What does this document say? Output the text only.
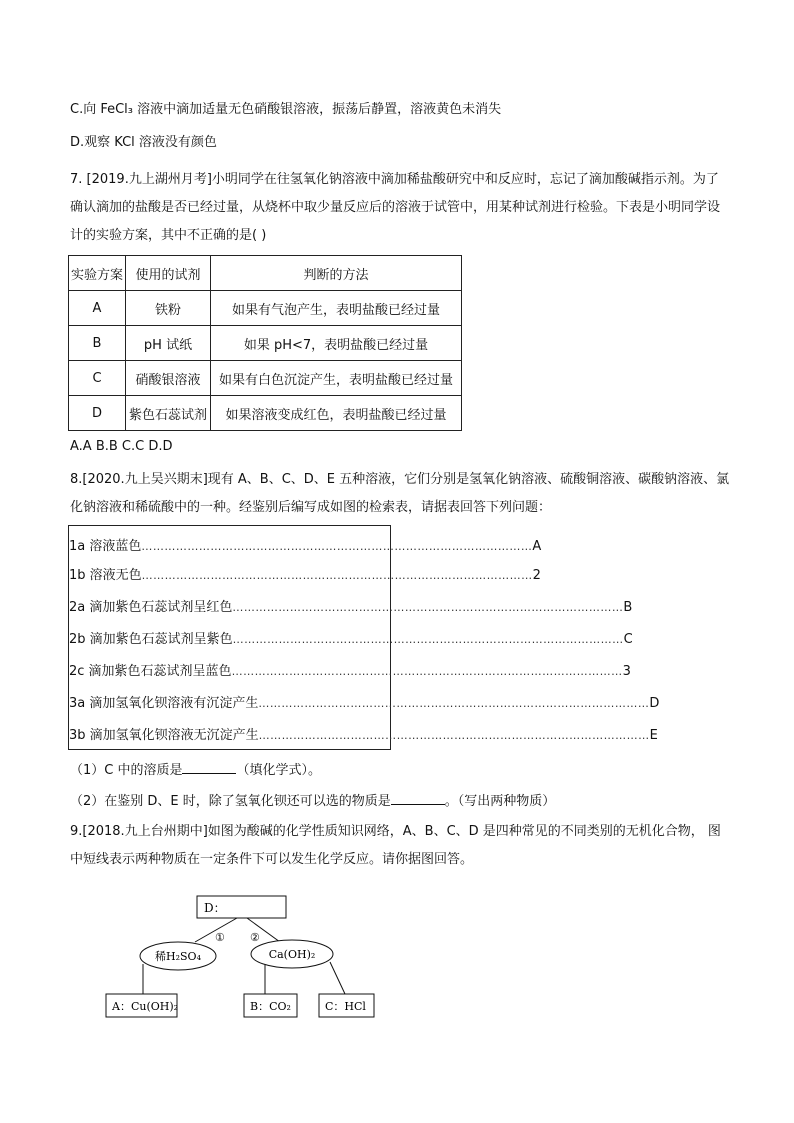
C.向 FeCl₃ 溶液中滴加适量无色硝酸银溶液，振荡后静置，溶液黄色未消失
D.观察 KCl 溶液没有颜色
7. [2019.九上湖州月考]小明同学在往氢氧化钠溶液中滴加稀盐酸研究中和反应时，忘记了滴加酸碱指示剂。为了确认滴加的盐酸是否已经过量，从烧杯中取少量反应后的溶液于试管中，用某种试剂进行检验。下表是小明同学设计的实验方案，其中不正确的是( )
实验方案	使用的试剂	判断的方法
A	铁粉	如果有气泡产生，表明盐酸已经过量
B	pH 试纸	如果 pH<7，表明盐酸已经过量
C	硝酸银溶液	如果有白色沉淀产生，表明盐酸已经过量
D	紫色石蕊试剂	如果溶液变成红色，表明盐酸已经过量
A.A B.B C.C D.D
8.[2020.九上吴兴期末]现有 A、B、C、D、E 五种溶液，它们分别是氢氧化钠溶液、硫酸铜溶液、碳酸钠溶液、氯化钠溶液和稀硫酸中的一种。经鉴别后编写成如图的检索表，请据表回答下列问题：
1a 溶液蓝色 ………………………………………………………………………………………… A
1b 溶液无色 ………………………………………………………………………………………… 2
2a 滴加紫色石蕊试剂呈红色 ………………………………………………………………………………………… B
2b 滴加紫色石蕊试剂呈紫色 ………………………………………………………………………………………… C
2c 滴加紫色石蕊试剂呈蓝色 ………………………………………………………………………………………… 3
3a 滴加氢氧化钡溶液有沉淀产生 ………………………………………………………………………………………… D
3b 滴加氢氧化钡溶液无沉淀产生 ………………………………………………………………………………………… E
（1）C 中的溶质是	（填化学式）。
（2）在鉴别 D、E 时，除了氢氧化钡还可以选的物质是	。（写出两种物质）
9.[2018.九上台州期中]如图为酸碱的化学性质知识网络，A、B、C、D 是四种常见的不同类别的无机化合物， 图中短线表示两种物质在一定条件下可以发生化学反应。请你据图回答。
D：
① ②
稀H₂SO₄	Ca(OH)₂
A：Cu(OH)₂	B：CO₂	C：HCl
